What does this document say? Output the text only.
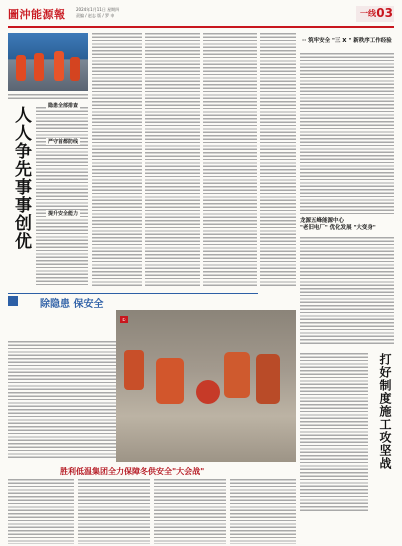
圖沖能源報	2024年1月11日 星期四
责编 / 赵志 版 / 罗 申	一线 03
人人争先事事创优	隐患全部排查
严守首都防线
提升安全能力
·· 筑牢安全 "三 X " 新秩序工作经验
龙源五峰能源中心
"老旧电厂" 优化发展 "大变身"
除隐患 保安全
打好制度施工攻坚战
胜利低温集团全力保障冬供安全"大会战"
①
